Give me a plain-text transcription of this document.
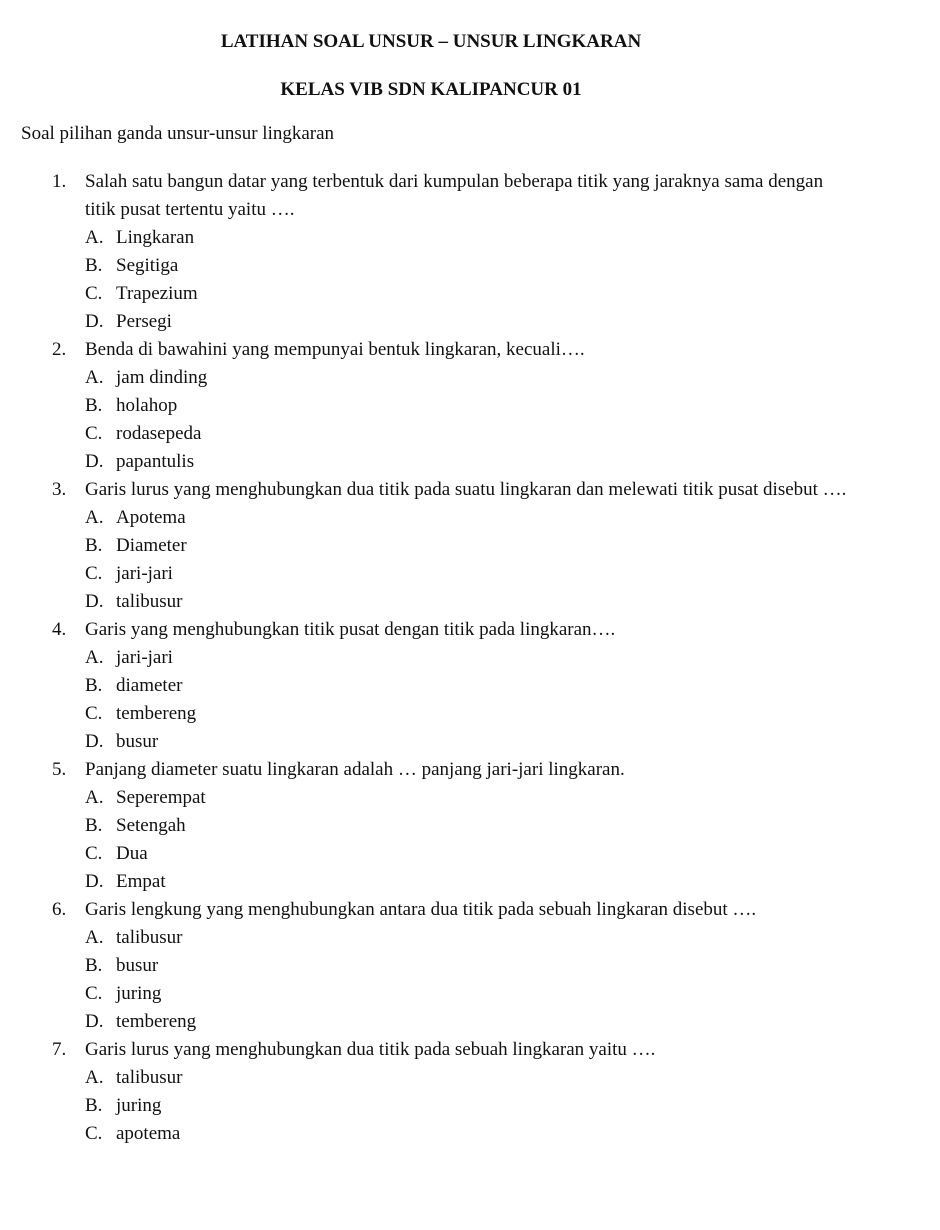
LATIHAN SOAL UNSUR – UNSUR LINGKARAN
KELAS VIB SDN KALIPANCUR 01

Soal pilihan ganda unsur-unsur lingkaran

1. Salah satu bangun datar yang terbentuk dari kumpulan beberapa titik yang jaraknya sama dengan titik pusat tertentu yaitu ….

A. Lingkaran
B. Segitiga
C. Trapezium
D. Persegi
2. Benda di bawahini yang mempunyai bentuk lingkaran, kecuali….

A. jam dinding
B. holahop
C. rodasepeda
D. papantulis
3. Garis lurus yang menghubungkan dua titik pada suatu lingkaran dan melewati titik pusat disebut ….

A. Apotema
B. Diameter
C. jari-jari
D. talibusur
4. Garis yang menghubungkan titik pusat dengan titik pada lingkaran….

A. jari-jari
B. diameter
C. tembereng
D. busur
5. Panjang diameter suatu lingkaran adalah … panjang jari-jari lingkaran.

A. Seperempat
B. Setengah
C. Dua
D. Empat
6. Garis lengkung yang menghubungkan antara dua titik pada sebuah lingkaran disebut ….

A. talibusur
B. busur
C. juring
D. tembereng
7. Garis lurus yang menghubungkan dua titik pada sebuah lingkaran yaitu ….

A. talibusur
B. juring
C. apotema
